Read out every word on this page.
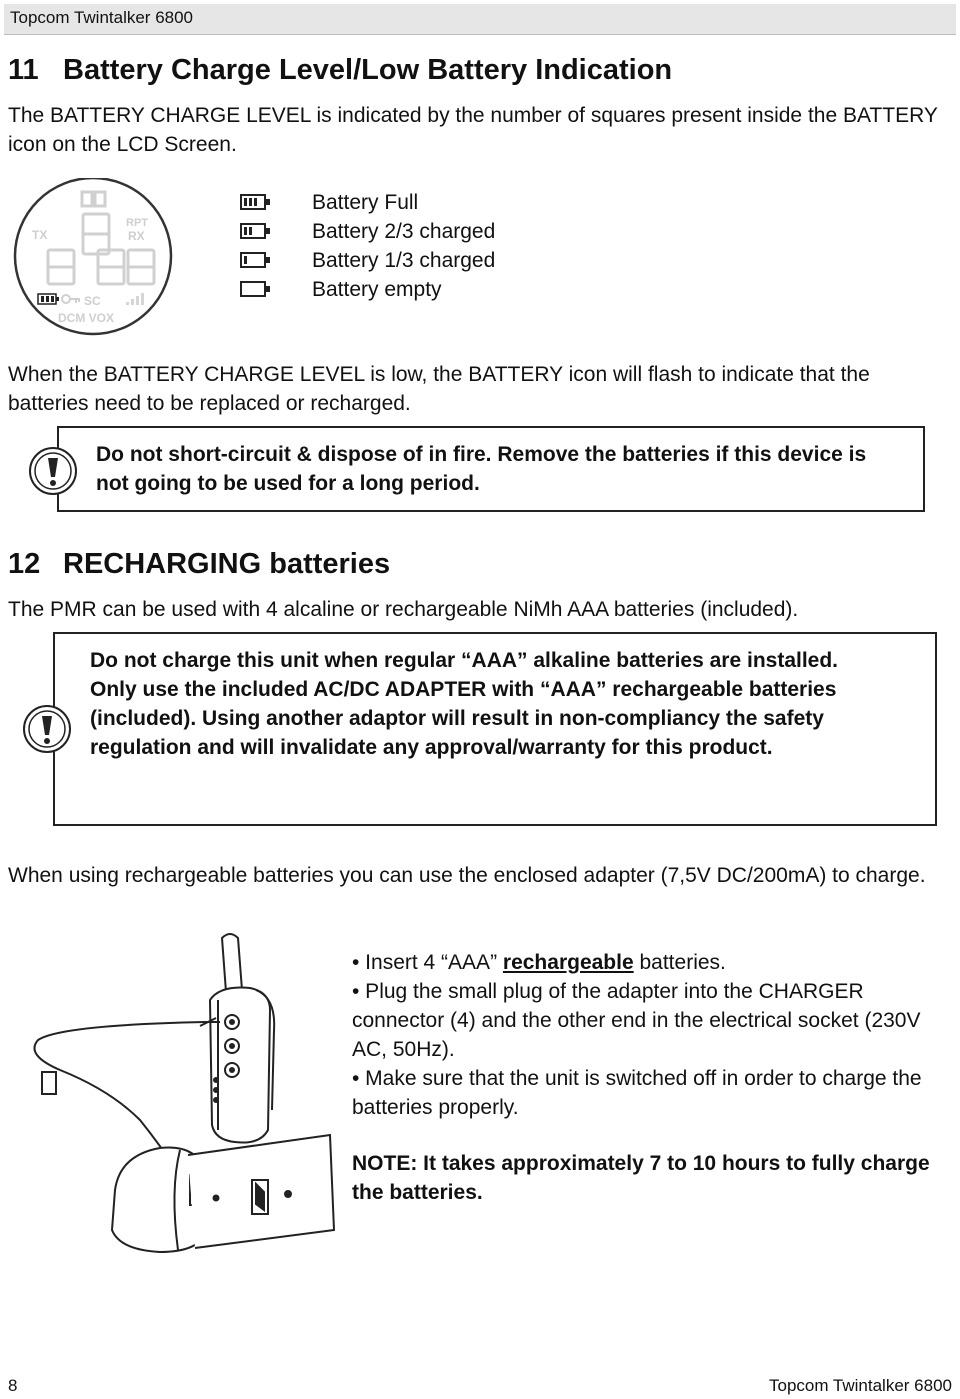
Topcom Twintalker 6800

11 Battery Charge Level/Low Battery Indication

The BATTERY CHARGE LEVEL is indicated by the number of squares present inside the BATTERY icon on the LCD Screen.

TX
RPT
RX
SC
DCM VOX
Battery Full
Battery 2/3 charged
Battery 1/3 charged
Battery empty

When the BATTERY CHARGE LEVEL is low, the BATTERY icon will flash to indicate that the batteries need to be replaced or recharged.

Do not short-circuit & dispose of in fire. Remove the batteries if this device is not going to be used for a long period.

12 RECHARGING batteries

The PMR can be used with 4 alcaline or rechargeable NiMh AAA batteries (included).

Do not charge this unit when regular “AAA” alkaline batteries are installed.
Only use the included AC/DC ADAPTER with “AAA” rechargeable batteries (included). Using another adaptor will result in non-compliancy the safety regulation and will invalidate any approval/warranty for this product.

When using rechargeable batteries you can use the enclosed adapter (7,5V DC/200mA) to charge.

• Insert 4 “AAA” rechargeable batteries.
• Plug the small plug of the adapter into the CHARGER connector (4) and the other end in the electrical socket (230V AC, 50Hz).
• Make sure that the unit is switched off in order to charge the batteries properly.
NOTE: It takes approximately 7 to 10 hours to fully charge the batteries.
8	Topcom Twintalker 6800
